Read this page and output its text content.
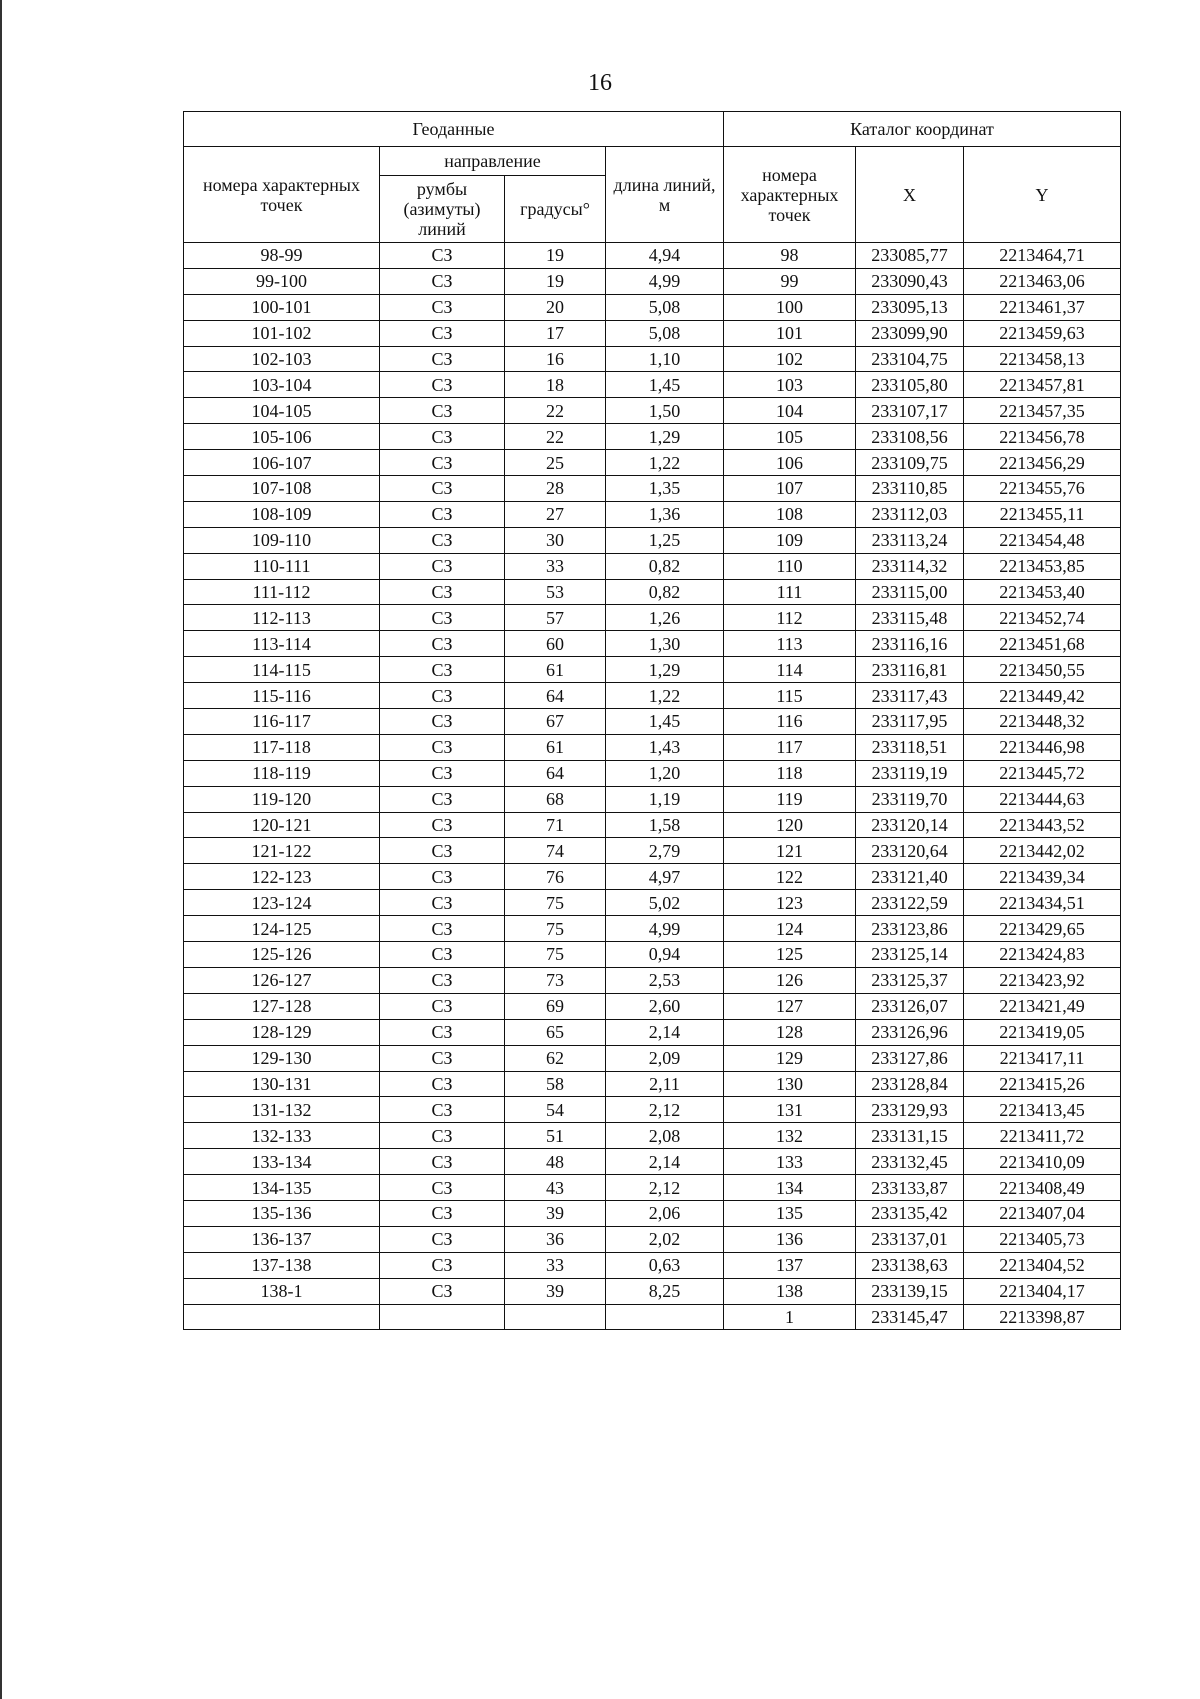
16
Геоданные				Каталог координат		
номера характерных точек	направление		длина линий, м	номера характерных точек	X	Y
	румбы (азимуты) линий	градусы°				
98-99	СЗ	19	4,94	98	233085,77	2213464,71
99-100	СЗ	19	4,99	99	233090,43	2213463,06
100-101	СЗ	20	5,08	100	233095,13	2213461,37
101-102	СЗ	17	5,08	101	233099,90	2213459,63
102-103	СЗ	16	1,10	102	233104,75	2213458,13
103-104	СЗ	18	1,45	103	233105,80	2213457,81
104-105	СЗ	22	1,50	104	233107,17	2213457,35
105-106	СЗ	22	1,29	105	233108,56	2213456,78
106-107	СЗ	25	1,22	106	233109,75	2213456,29
107-108	СЗ	28	1,35	107	233110,85	2213455,76
108-109	СЗ	27	1,36	108	233112,03	2213455,11
109-110	СЗ	30	1,25	109	233113,24	2213454,48
110-111	СЗ	33	0,82	110	233114,32	2213453,85
111-112	СЗ	53	0,82	111	233115,00	2213453,40
112-113	СЗ	57	1,26	112	233115,48	2213452,74
113-114	СЗ	60	1,30	113	233116,16	2213451,68
114-115	СЗ	61	1,29	114	233116,81	2213450,55
115-116	СЗ	64	1,22	115	233117,43	2213449,42
116-117	СЗ	67	1,45	116	233117,95	2213448,32
117-118	СЗ	61	1,43	117	233118,51	2213446,98
118-119	СЗ	64	1,20	118	233119,19	2213445,72
119-120	СЗ	68	1,19	119	233119,70	2213444,63
120-121	СЗ	71	1,58	120	233120,14	2213443,52
121-122	СЗ	74	2,79	121	233120,64	2213442,02
122-123	СЗ	76	4,97	122	233121,40	2213439,34
123-124	СЗ	75	5,02	123	233122,59	2213434,51
124-125	СЗ	75	4,99	124	233123,86	2213429,65
125-126	СЗ	75	0,94	125	233125,14	2213424,83
126-127	СЗ	73	2,53	126	233125,37	2213423,92
127-128	СЗ	69	2,60	127	233126,07	2213421,49
128-129	СЗ	65	2,14	128	233126,96	2213419,05
129-130	СЗ	62	2,09	129	233127,86	2213417,11
130-131	СЗ	58	2,11	130	233128,84	2213415,26
131-132	СЗ	54	2,12	131	233129,93	2213413,45
132-133	СЗ	51	2,08	132	233131,15	2213411,72
133-134	СЗ	48	2,14	133	233132,45	2213410,09
134-135	СЗ	43	2,12	134	233133,87	2213408,49
135-136	СЗ	39	2,06	135	233135,42	2213407,04
136-137	СЗ	36	2,02	136	233137,01	2213405,73
137-138	СЗ	33	0,63	137	233138,63	2213404,52
138-1	СЗ	39	8,25	138	233139,15	2213404,17
				1	233145,47	2213398,87
